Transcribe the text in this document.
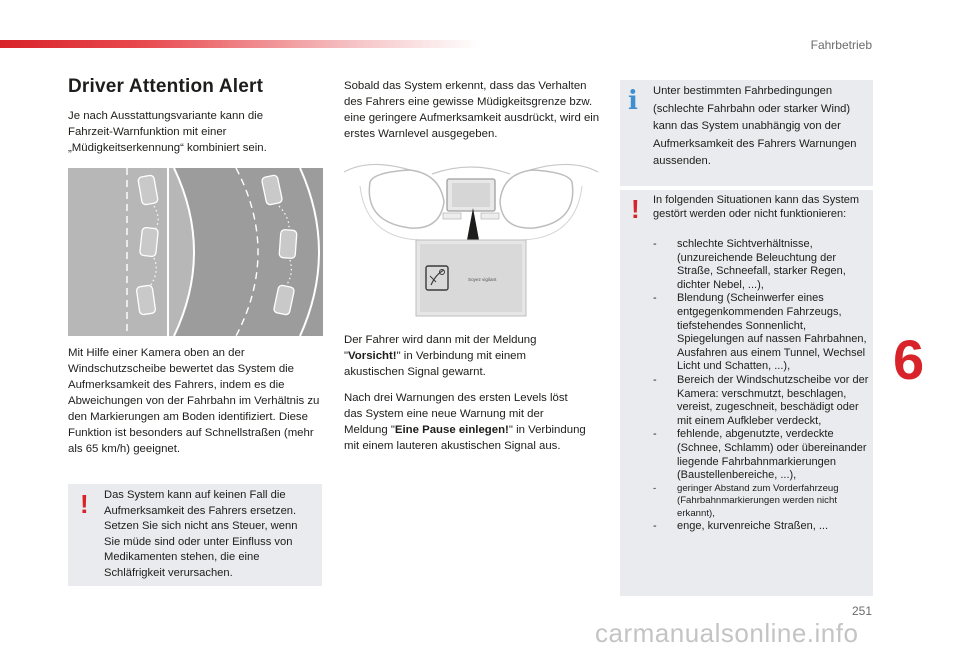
Fahrbetrieb
Driver Attention Alert

Je nach Ausstattungsvariante kann die Fahrzeit-Warnfunktion mit einer „Müdigkeitserkennung“ kombiniert sein.

Mit Hilfe einer Kamera oben an der Windschutzscheibe bewertet das System die Aufmerksamkeit des Fahrers, indem es die Abweichungen von der Fahrbahn im Verhältnis zu den Markierungen am Boden identifiziert. Diese Funktion ist besonders auf Schnellstraßen (mehr als 65 km/h) geeignet.

! Das System kann auf keinen Fall die Aufmerksamkeit des Fahrers ersetzen. Setzen Sie sich nicht ans Steuer, wenn Sie müde sind oder unter Einfluss von Medikamenten stehen, die eine Schläfrigkeit verursachen.

Sobald das System erkennt, dass das Verhalten des Fahrers eine gewisse Müdigkeitsgrenze bzw. eine geringere Aufmerksamkeit ausdrückt, wird ein erstes Warnlevel ausgegeben.

Soyez vigilant

Der Fahrer wird dann mit der Meldung "Vorsicht!" in Verbindung mit einem akustischen Signal gewarnt.

Nach drei Warnungen des ersten Levels löst das System eine neue Warnung mit der Meldung "Eine Pause einlegen!" in Verbindung mit einem lauteren akustischen Signal aus.

i Unter bestimmten Fahrbedingungen (schlechte Fahrbahn oder starker Wind) kann das System unabhängig von der Aufmerksamkeit des Fahrers Warnungen aussenden.

! In folgenden Situationen kann das System gestört werden oder nicht funktionieren:

- schlechte Sichtverhältnisse, (unzureichende Beleuchtung der Straße, Schneefall, starker Regen, dichter Nebel, ...),
- Blendung (Scheinwerfer eines entgegenkommenden Fahrzeugs, tiefstehendes Sonnenlicht, Spiegelungen auf nassen Fahrbahnen, Ausfahren aus einem Tunnel, Wechsel Licht und Schatten, ...),
- Bereich der Windschutzscheibe vor der Kamera: verschmutzt, beschlagen, vereist, zugeschneit, beschädigt oder mit einem Aufkleber verdeckt,
- fehlende, abgenutzte, verdeckte (Schnee, Schlamm) oder übereinander liegende Fahrbahnmarkierungen (Baustellenbereiche, ...),
- geringer Abstand zum Vorderfahrzeug (Fahrbahnmarkierungen werden nicht erkannt),
- enge, kurvenreiche Straßen, ...
6
251
carmanualsonline.info
